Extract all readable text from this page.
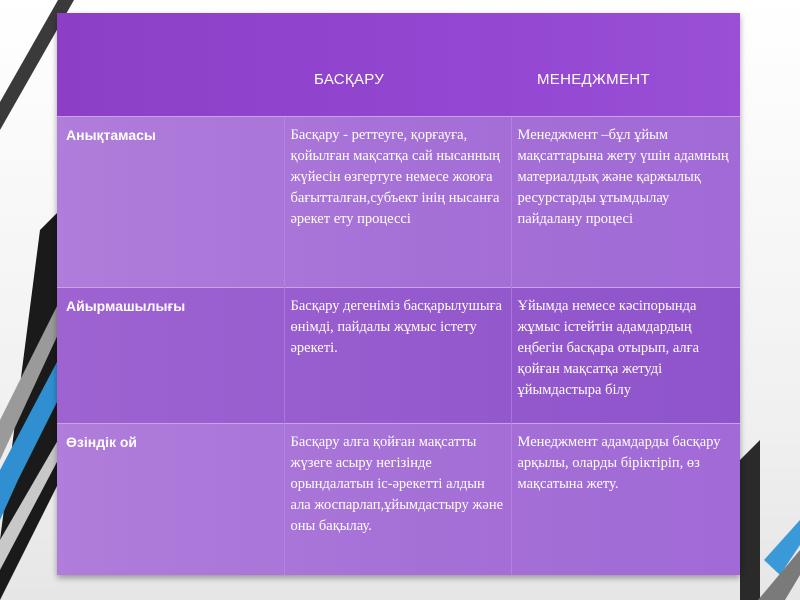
	БАСҚАРУ	МЕНЕДЖМЕНТ
Анықтамасы	Басқару - реттеуге, қорғауға, қойылған мақсатқа сай нысанның жүйесін өзгертуге немесе жоюға бағытталған,субъект інің нысанға әрекет ету процессі	Менеджмент –бұл ұйым мақсаттарына жету үшін адамның материалдық және қаржылық ресурстарды ұтымдылау пайдалану процесі
Айырмашылығы	Басқару дегеніміз басқарылушыға өнімді, пайдалы жұмыс істету әрекеті.	Ұйымда немесе кәсіпорында жұмыс істейтін адамдардың еңбегін басқара отырып, алға қойған мақсатқа жетуді ұйымдастыра білу
Өзіндік ой	Басқару алға қойған мақсатты жүзеге асыру негізінде орындалатын іс-әрекетті алдын ала жоспарлап,ұйымдастыру және оны бақылау.	Менеджмент адамдарды басқару арқылы, оларды біріктіріп, өз мақсатына жету.
